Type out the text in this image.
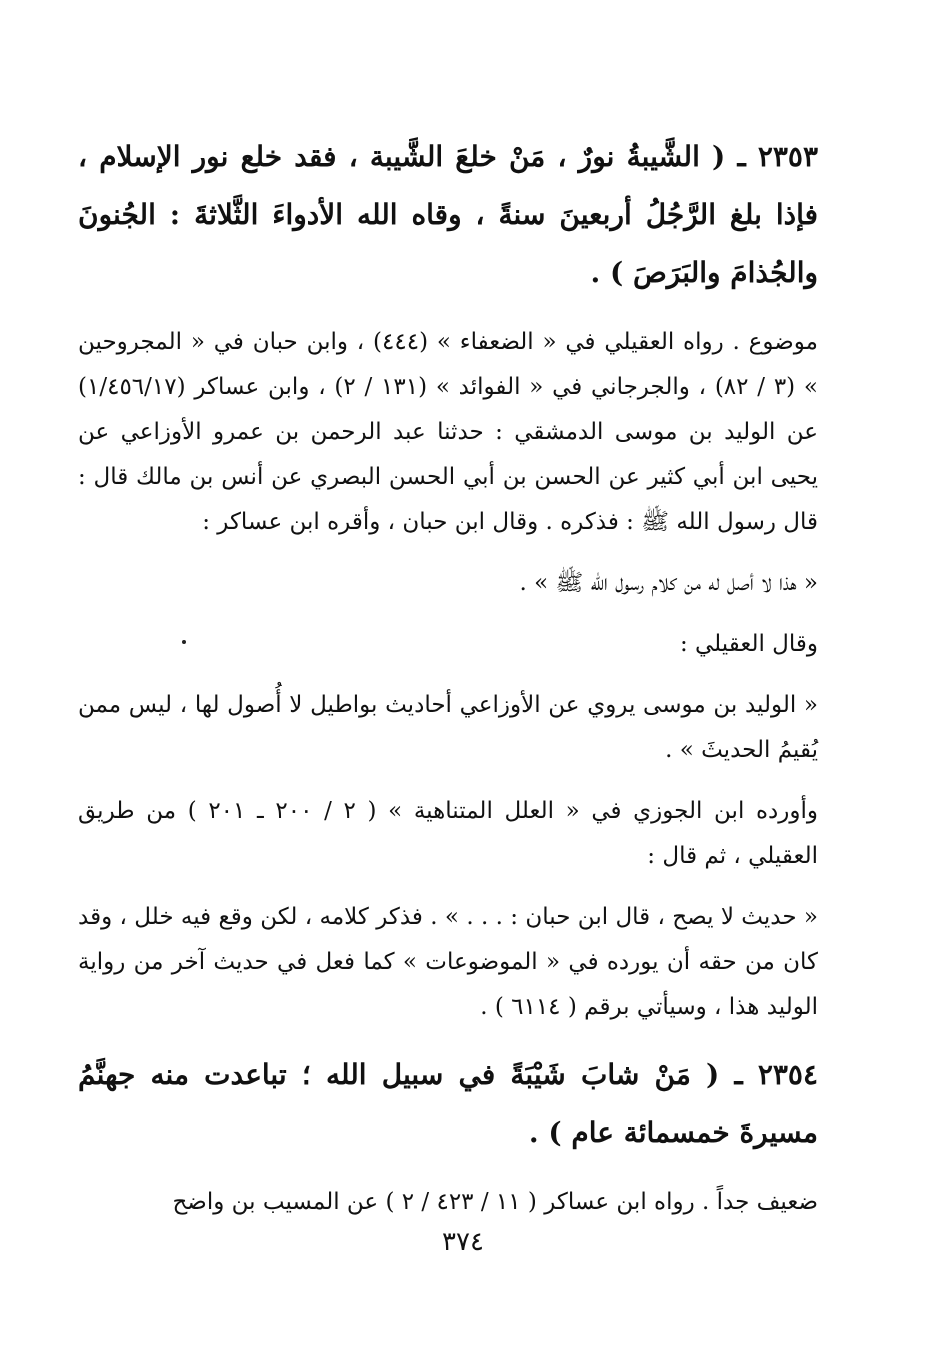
٢٣٥٣ ـ ( الشَّيبةُ نورٌ ، مَنْ خلعَ الشَّيبة ، فقد خلع نور الإسلام ، فإذا بلغ الرَّجُلُ أربعينَ سنةً ، وقاه الله الأدواءَ الثَّلاثةَ : الجُنونَ والجُذامَ والبَرَصَ ) .

موضوع . رواه العقيلي في « الضعفاء » (٤٤٤) ، وابن حبان في « المجروحين » (٣ / ٨٢) ، والجرجاني في « الفوائد » (١٣١ / ٢) ، وابن عساكر (١/٤٥٦/١٧) عن الوليد بن موسى الدمشقي : حدثنا عبد الرحمن بن عمرو الأوزاعي عن يحيى ابن أبي كثير عن الحسن بن أبي الحسن البصري عن أنس بن مالك قال : قال رسول الله ﷺ : فذكره . وقال ابن حبان ، وأقره ابن عساكر :

« هذا لا أصل له من كلام رسول الله ﷺ » .

وقال العقيلي :

« الوليد بن موسى يروي عن الأوزاعي أحاديث بواطيل لا أُصول لها ، ليس ممن يُقيمُ الحديثَ » .

وأورده ابن الجوزي في « العلل المتناهية » ( ٢ / ٢٠٠ ـ ٢٠١ ) من طريق العقيلي ، ثم قال :

« حديث لا يصح ، قال ابن حبان : . . . » . فذكر كلامه ، لكن وقع فيه خلل ، وقد كان من حقه أن يورده في « الموضوعات » كما فعل في حديث آخر من رواية الوليد هذا ، وسيأتي برقم ( ٦١١٤ ) .

٢٣٥٤ ـ ( مَنْ شابَ شَيْبَةً في سبيل الله ؛ تباعدت منه جهنَّمُ مسيرةَ خمسمائة عام ) .

ضعيف جداً . رواه ابن عساكر ( ١١ / ٤٢٣ / ٢ ) عن المسيب بن واضح

٣٧٤
